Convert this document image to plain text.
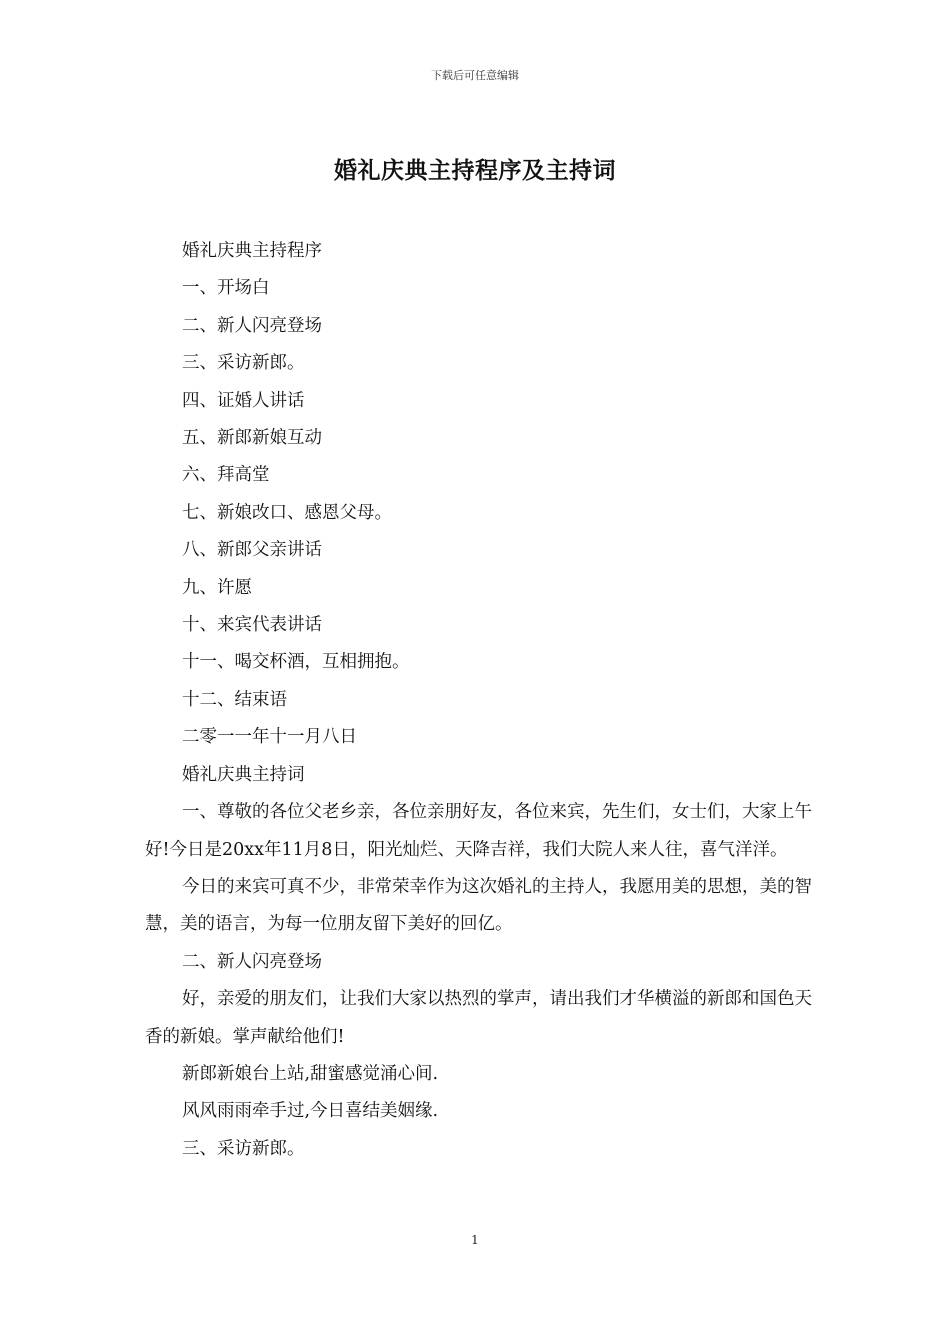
下载后可任意编辑
婚礼庆典主持程序及主持词

婚礼庆典主持程序

一、开场白

二、新人闪亮登场

三、采访新郎。

四、证婚人讲话

五、新郎新娘互动

六、拜高堂

七、新娘改口、感恩父母。

八、新郎父亲讲话

九、许愿

十、来宾代表讲话

十一、喝交杯酒，互相拥抱。

十二、结束语

二零一一年十一月八日

婚礼庆典主持词

一、尊敬的各位父老乡亲，各位亲朋好友，各位来宾，先生们，女士们，大家上午好!今日是20xx年11月8日，阳光灿烂、天降吉祥，我们大院人来人往，喜气洋洋。

今日的来宾可真不少，非常荣幸作为这次婚礼的主持人，我愿用美的思想，美的智慧，美的语言，为每一位朋友留下美好的回亿。

二、新人闪亮登场

好，亲爱的朋友们，让我们大家以热烈的掌声，请出我们才华横溢的新郎和国色天香的新娘。掌声献给他们!

新郎新娘台上站,甜蜜感觉涌心间.

风风雨雨牵手过,今日喜结美姻缘.

三、采访新郎。

1
